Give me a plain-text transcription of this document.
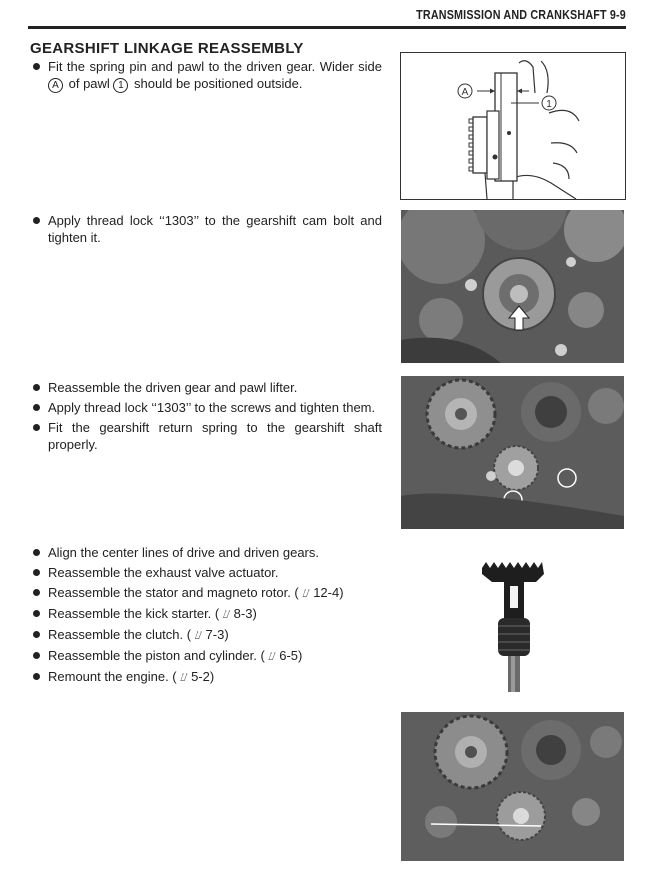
TRANSMISSION AND CRANKSHAFT 9-9
GEARSHIFT LINKAGE REASSEMBLY
Fit the spring pin and pawl to the driven gear. Wider side A of pawl 1 should be positioned outside.
Apply thread lock ‘‘1303’’ to the gearshift cam bolt and tighten it.
Reassemble the driven gear and pawl lifter.
Apply thread lock ‘‘1303’’ to the screws and tighten them.
Fit the gearshift return spring to the gearshift shaft properly.
Align the center lines of drive and driven gears.
Reassemble the exhaust valve actuator.
Reassemble the stator and magneto rotor. ( ⌰ 12-4)
Reassemble the kick starter. ( ⌰ 8-3)
Reassemble the clutch. ( ⌰ 7-3)
Reassemble the piston and cylinder. ( ⌰ 6-5)
Remount the engine. ( ⌰ 5-2)
A
1
